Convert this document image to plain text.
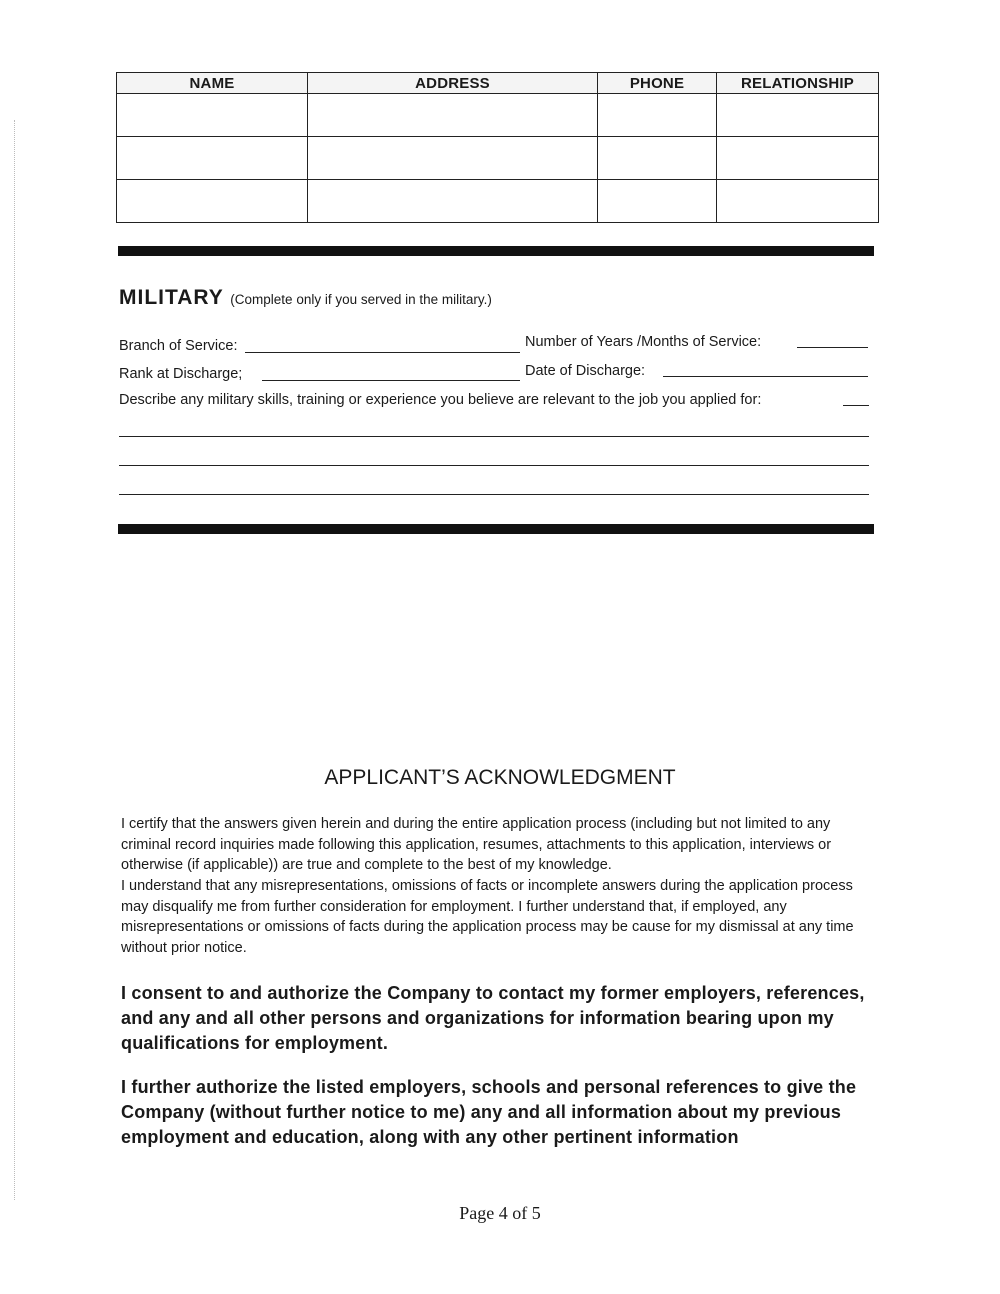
NAME	ADDRESS	PHONE	RELATIONSHIP

MILITARY (Complete only if you served in the military.)
Branch of Service:	Number of Years /Months of Service:
Rank at Discharge;	Date of Discharge:
Describe any military skills, training or experience you believe are relevant to the job you applied for:
APPLICANT’S ACKNOWLEDGMENT
I certify that the answers given herein and during the entire application process (including but not limited to any criminal record inquiries made following this application, resumes, attachments to this application, interviews or otherwise (if applicable)) are true and complete to the best of my knowledge.
I understand that any misrepresentations, omissions of facts or incomplete answers during the application process may disqualify me from further consideration for employment. I further understand that, if employed, any misrepresentations or omissions of facts during the application process may be cause for my dismissal at any time without prior notice.
I consent to and authorize the Company to contact my former employers, references, and any and all other persons and organizations for information bearing upon my qualifications for employment.
I further authorize the listed employers, schools and personal references to give the Company (without further notice to me) any and all information about my previous employment and education, along with any other pertinent information
Page 4 of 5
